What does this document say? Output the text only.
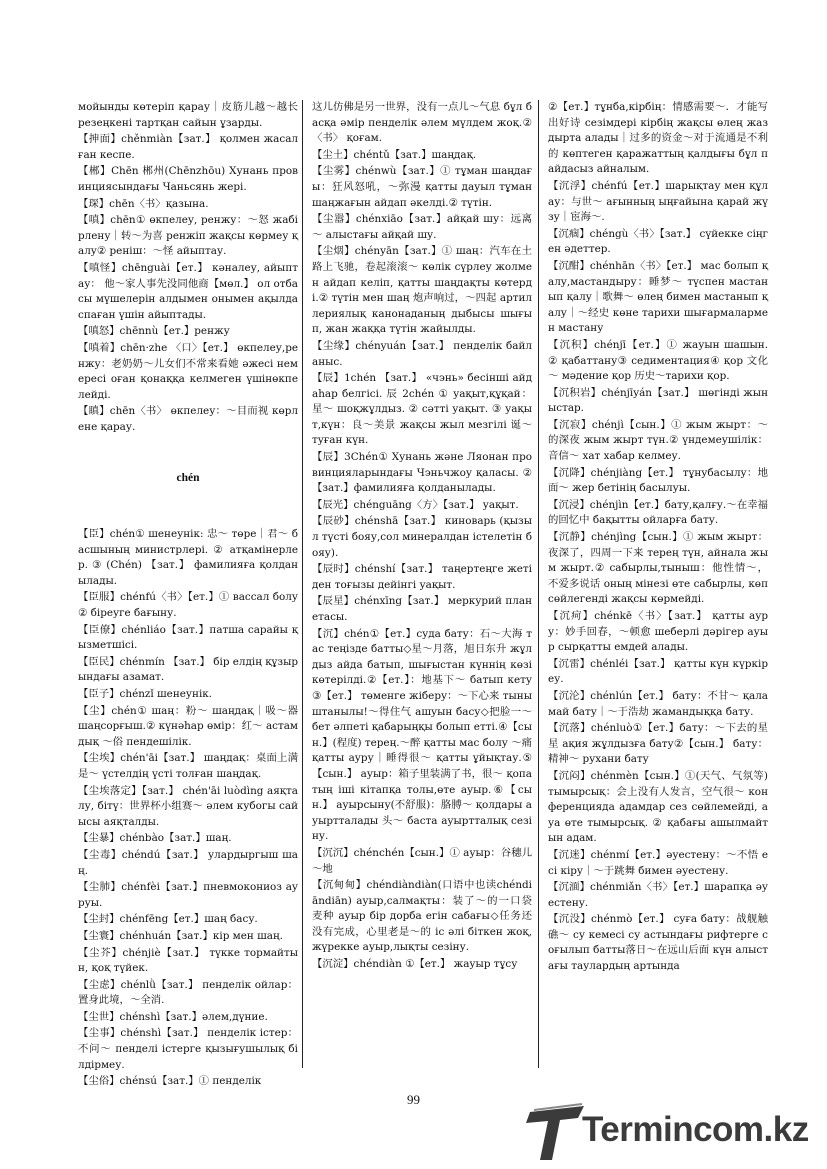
мойынды көтеріп қарау｜皮筋儿越～越长 резеңкені тартқан сайын ұзарды.
【抻面】chěnmiàn【зат.】 қолмен жасалған кеспе.
【郴】Chēn 郴州(Chēnzhōu) Хунань провинциясындағы Чаньсянь жері.
【琛】chēn〈书〉қазына.
【嗔】chēn① өкпелеу, ренжу：～怒 жабірлену｜转～为喜 ренжіп жақсы көрмеу қалу② реніш：～怪 айыптау.
【嗔怪】chēnguài【ет.】 кәналеу, айыптау： 他～家人事先没同他商【мөл.】 ол отбасы мүшелерін алдымен онымен ақылдаспаған үшін айыптады.
【嗔怒】chēnnù【ет.】ренжу
【嗔着】chēn·zhe 〈口〉【ет.】 өкпелеу,ренжу：老奶奶～儿女们不常来看她 әжесі немересі оған қонаққа келмеген үшінөкпелейді.
【瞋】chēn〈书〉 өкпелеу：～目而视 көрлене қарау.
chén
【臣】chén① шенеунік: 忠～ төре｜君～ басшының министрлері. ② атқамінерлер. ③ (Chén) 【зат.】 фамилияға қолданылады.
【臣服】chénfú〈书〉【ет.】① вассал болу② біреуге бағыну.
【臣僚】chénliáo【зат.】патша сарайы қызметшісі.
【臣民】chénmín 【зат.】 бір елдің құзырындағы азамат.
【臣子】chénzǐ шенеунік.
【尘】chén① шаң：粉～ шаңдақ｜吸～器 шаңсорғыш.② күнәһар өмір：红～ астамдық ～俗 пендешілік.
【尘埃】chén'āi【зат.】 шаңдақ：桌面上满是～ үстелдің үсті толған шаңдақ.
【尘埃落定】【зат.】 chén'āi luòdìng аяқталу, бітү：世界杯小组赛～ әлем кубогы сайысы аяқталды.
【尘暴】chénbào【зат.】шаң.
【尘毒】chéndú【зат.】 улардыргыш шаң.
【尘肺】chénfèi【зат.】пневмокониоз ауруы.
【尘封】chénfēng【ет.】шаң басу.
【尘寰】chénhuán【зат.】кір мен шаң.
【尘芥】chénjiè【зат.】 түкке тормайтын, қоқ түйек.
【尘虑】chénlǜ【зат.】 пенделік ойлар：置身此境，～全消.
【尘世】chénshì【зат.】әлем,дүние.
【尘事】chénshì【зат.】 пенделік істер： 不问～ пенделі істерге қызығушылық білдірмеу.
【尘俗】chénsú【зат.】① пенделік
这儿仿佛是另一世界，没有一点儿～气息 бұл басқа әмір пенделік әлем мүлдем жоқ.② 〈书〉 қоғам.
【尘土】chéntǔ【зат.】шаңдақ.
【尘雾】chénwù【зат.】① тұман шаңдағы：狂风怒吼，～弥漫 қатты дауыл тұман шаңжағын айдап әкелді.② түтін.
【尘嚣】chénxiāo【зат.】айқай шу：远离～ алыстағы айқай шу.
【尘烟】chényān【зат.】① шаң：汽车在土路上飞驰，卷起滚滚～ көлік сүрлеу жолмен айдап келіп, қатты шаңдақты көтерді.② түтін мен шаң 炮声响过，～四起 артиллериялық канонаданың дыбысы шығып, жан жаққа түтін жайылды.
【尘缘】chényuán【зат.】 пенделік байланыс.
【辰】1chén 【зат.】 «чэнь» бесінші айдаһар белгісі. 辰 2chén ① уақыт,құқай：星～ шоқжұлдыз. ② сәтті уақыт. ③ уақыт,күн：良～美景 жақсы жыл мезгілі 诞～ туған күн.
【辰】3Chén① Хунань және Ляонан провинцияларындағы Чэньчжоу қаласы. ②【зат.】фамилияға қолданылады.
【辰光】chénguāng〈方〉【зат.】 уақыт.
【辰砂】chénshā【зат.】 киноварь (қызыл түсті бояу,сол минералдан істелетін бояу).
【辰时】chénshí【зат.】 таңертеңге жетіден тоғызы дейінгі уақыт.
【辰星】chénxīng【зат.】 меркурий планетасы.
【沉】chén①【ет.】суда бату：石～大海 тас теңізде батты◇星～月落，旭日东升 жұлдыз айда батып, шығыстан күннің көзі көтерілді.②【ет.】：地基下～ батып кету③【ет.】 төменге жіберу：～下心来 тыныштанылы!～得住气 ашуын басу◇把脸一～ бет әлпеті қабарыңқы болып етті.④【сын.】(程度) терең.～醉 қатты мас болу ～痛 қатты ауру｜睡得很～ қатты ұйықтау.⑤【сын.】 ауыр：箱子里装满了书，很～ қопатың іші кітапқа толы,өте ауыр.⑥【сын.】 ауырсыну(不舒服)：胳膊～ қолдары ауыртталады 头～ баста ауыртталық сезіну.
【沉沉】chénchén【сын.】① ауыр：谷穗儿～地
【沉甸甸】chéndiàndiàn(口语中也读chéndiāndiān) ауыр,салмақты：装了～的一口袋麦种 ауыр бір дорба егін сабағы◇任务还没有完成，心里老是～的 іс әлі біткен жоқ, жүрекке ауыр,лықты сезіну.
【沉淀】chéndiàn ①【ет.】 жауыр тұсу
②【ет.】тұнба,кірбің：情感需要～．才能写出好诗 сезімдері кірбің жақсы өлең жаздырта алады｜过多的资金～对于流通是不利的 көптеген қаражаттың қалдығы бұл пайдасыз айналым.
【沉浮】chénfú【ет.】шарықтау мен құлау：与世～ ағынның ыңғайына қарай жүзу｜宦海～.
【沉痼】chéngù〈书〉【зат.】 сүйекке сіңген әдеттер.
【沉酣】chénhān〈书〉【ет.】 мас болып қалу,мастандыру：睡梦～ түспен мастанып қалу｜歌舞～ өлең бимен мастанып қалу｜～经史 көне тарихи шығармалармен мастану
【沉积】chénjī【ет.】① жауын шашын. ② қабаттану③ седиментация④ қор 文化～ мәдение қор 历史～тарихи қор.
【沉积岩】chénjīyán【зат.】 шөгінді жыныстар.
【沉寂】chénjì【сын.】① жым жырт：～的深夜 жым жырт түн.② үндемеушілік：音信～ хат хабар келмеу.
【沉降】chénjiàng【ет.】 тұнубасылу：地面～ жер бетінің басылуы.
【沉浸】chénjìn【ет.】бату,қалғу.～在幸福的回忆中 бақытты ойларға бату.
【沉静】chénjìng【сын.】① жым жырт：夜深了，四周一下来 терең түн, айнала жым жырт.② сабырлы,тыныш：他性情～，不爱多说话 оның мінезі өте сабырлы, көп сөйлегенді жақсы көрмейді.
【沉疴】chénkē〈书〉【зат.】 қатты ауру：妙手回春，～顿愈 шеберлі дәрігер ауыр сырқатты емдей алады.
【沉雷】chénléi【зат.】 қатты күн күркіреу.
【沉沦】chénlún【ет.】 бату：不甘～ қаламай бату｜～于浩劫 жамандыққа бату.
【沉落】chénluò①【ет.】бату：～下去的星星 ақия жұлдызға бату②【сын.】 бату：精神～ рухани бату
【沉闷】chénmèn【сын.】①(天气、气氛等) тымырсық：会上没有人发言，空气很～ конференцияда адамдар сез сөйлемейді, ауа өте тымырсық. ② қабағы ашылмайтын адам.
【沉迷】chénmí【ет.】әуестену：～不悟 есі кіру｜～于跳舞 бимен әуестену.
【沉湎】chénmiǎn〈书〉【ет.】шарапқа әуестену.
【沉没】chénmò【ет.】 суға бату：战舰触礁～ су кемесі су астындағы рифтерге соғылып батты落日～在远山后面 күн алыстағы таулардың артында
99
Termincom.kz
